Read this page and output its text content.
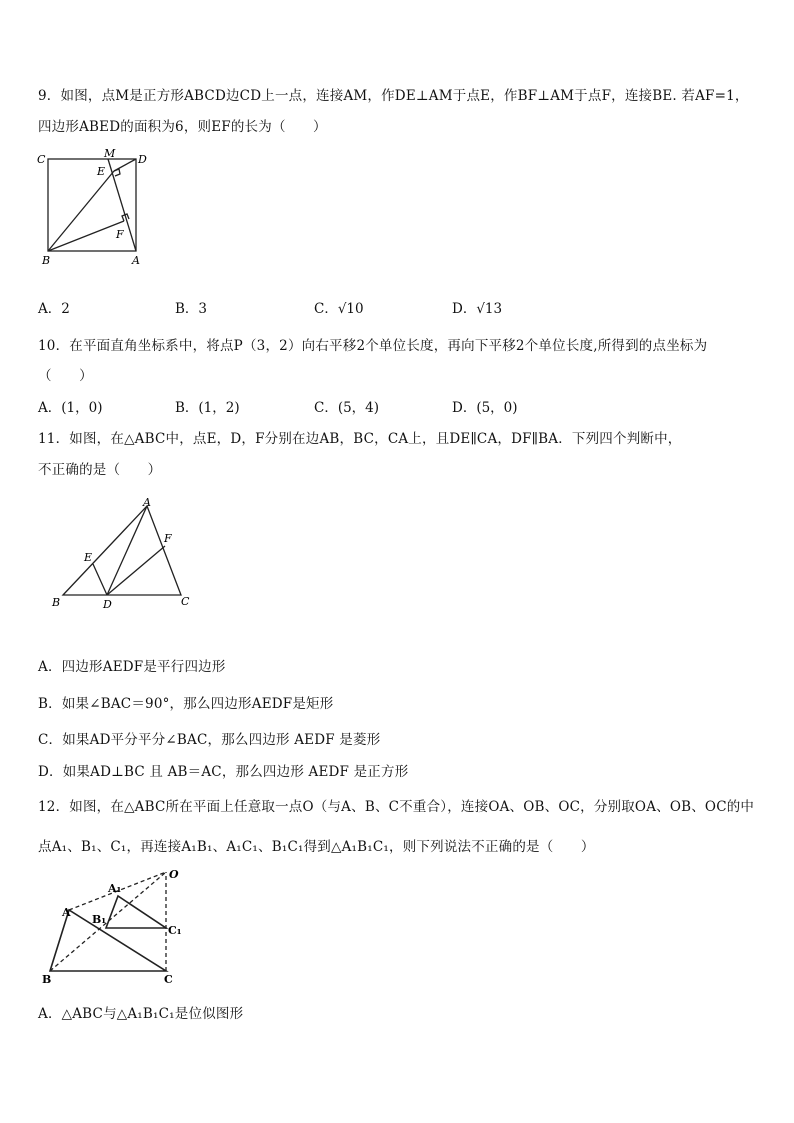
9．如图，点M是正方形ABCD边CD上一点，连接AM，作DE⊥AM于点E，作BF⊥AM于点F，连接BE. 若AF=1，
四边形ABED的面积为6，则EF的长为（　　）
C	M D
E
F
B	A
A．2	B．3	C．√10	D．√13
10．在平面直角坐标系中，将点P（3，2）向右平移2个单位长度，再向下平移2个单位长度,所得到的点坐标为
（　　）
A．(1，0)	B．(1，2)	C．(5，4)	D．(5，0)
11．如图，在△ABC中，点E，D，F分别在边AB，BC，CA上，且DE∥CA，DF∥BA．下列四个判断中，
不正确的是（　　）
A
E
F
B	D	C
A．四边形AEDF是平行四边形
B．如果∠BAC＝90°，那么四边形AEDF是矩形
C．如果AD平分平分∠BAC，那么四边形 AEDF 是菱形
D．如果AD⊥BC 且 AB＝AC，那么四边形 AEDF 是正方形
12．如图，在△ABC所在平面上任意取一点O（与A、B、C不重合），连接OA、OB、OC，分别取OA、OB、OC的中
点A₁、B₁、C₁，再连接A₁B₁、A₁C₁、B₁C₁得到△A₁B₁C₁，则下列说法不正确的是（　　）
O
A₁
A
B₁
C₁
B	C
A．△ABC与△A₁B₁C₁是位似图形
